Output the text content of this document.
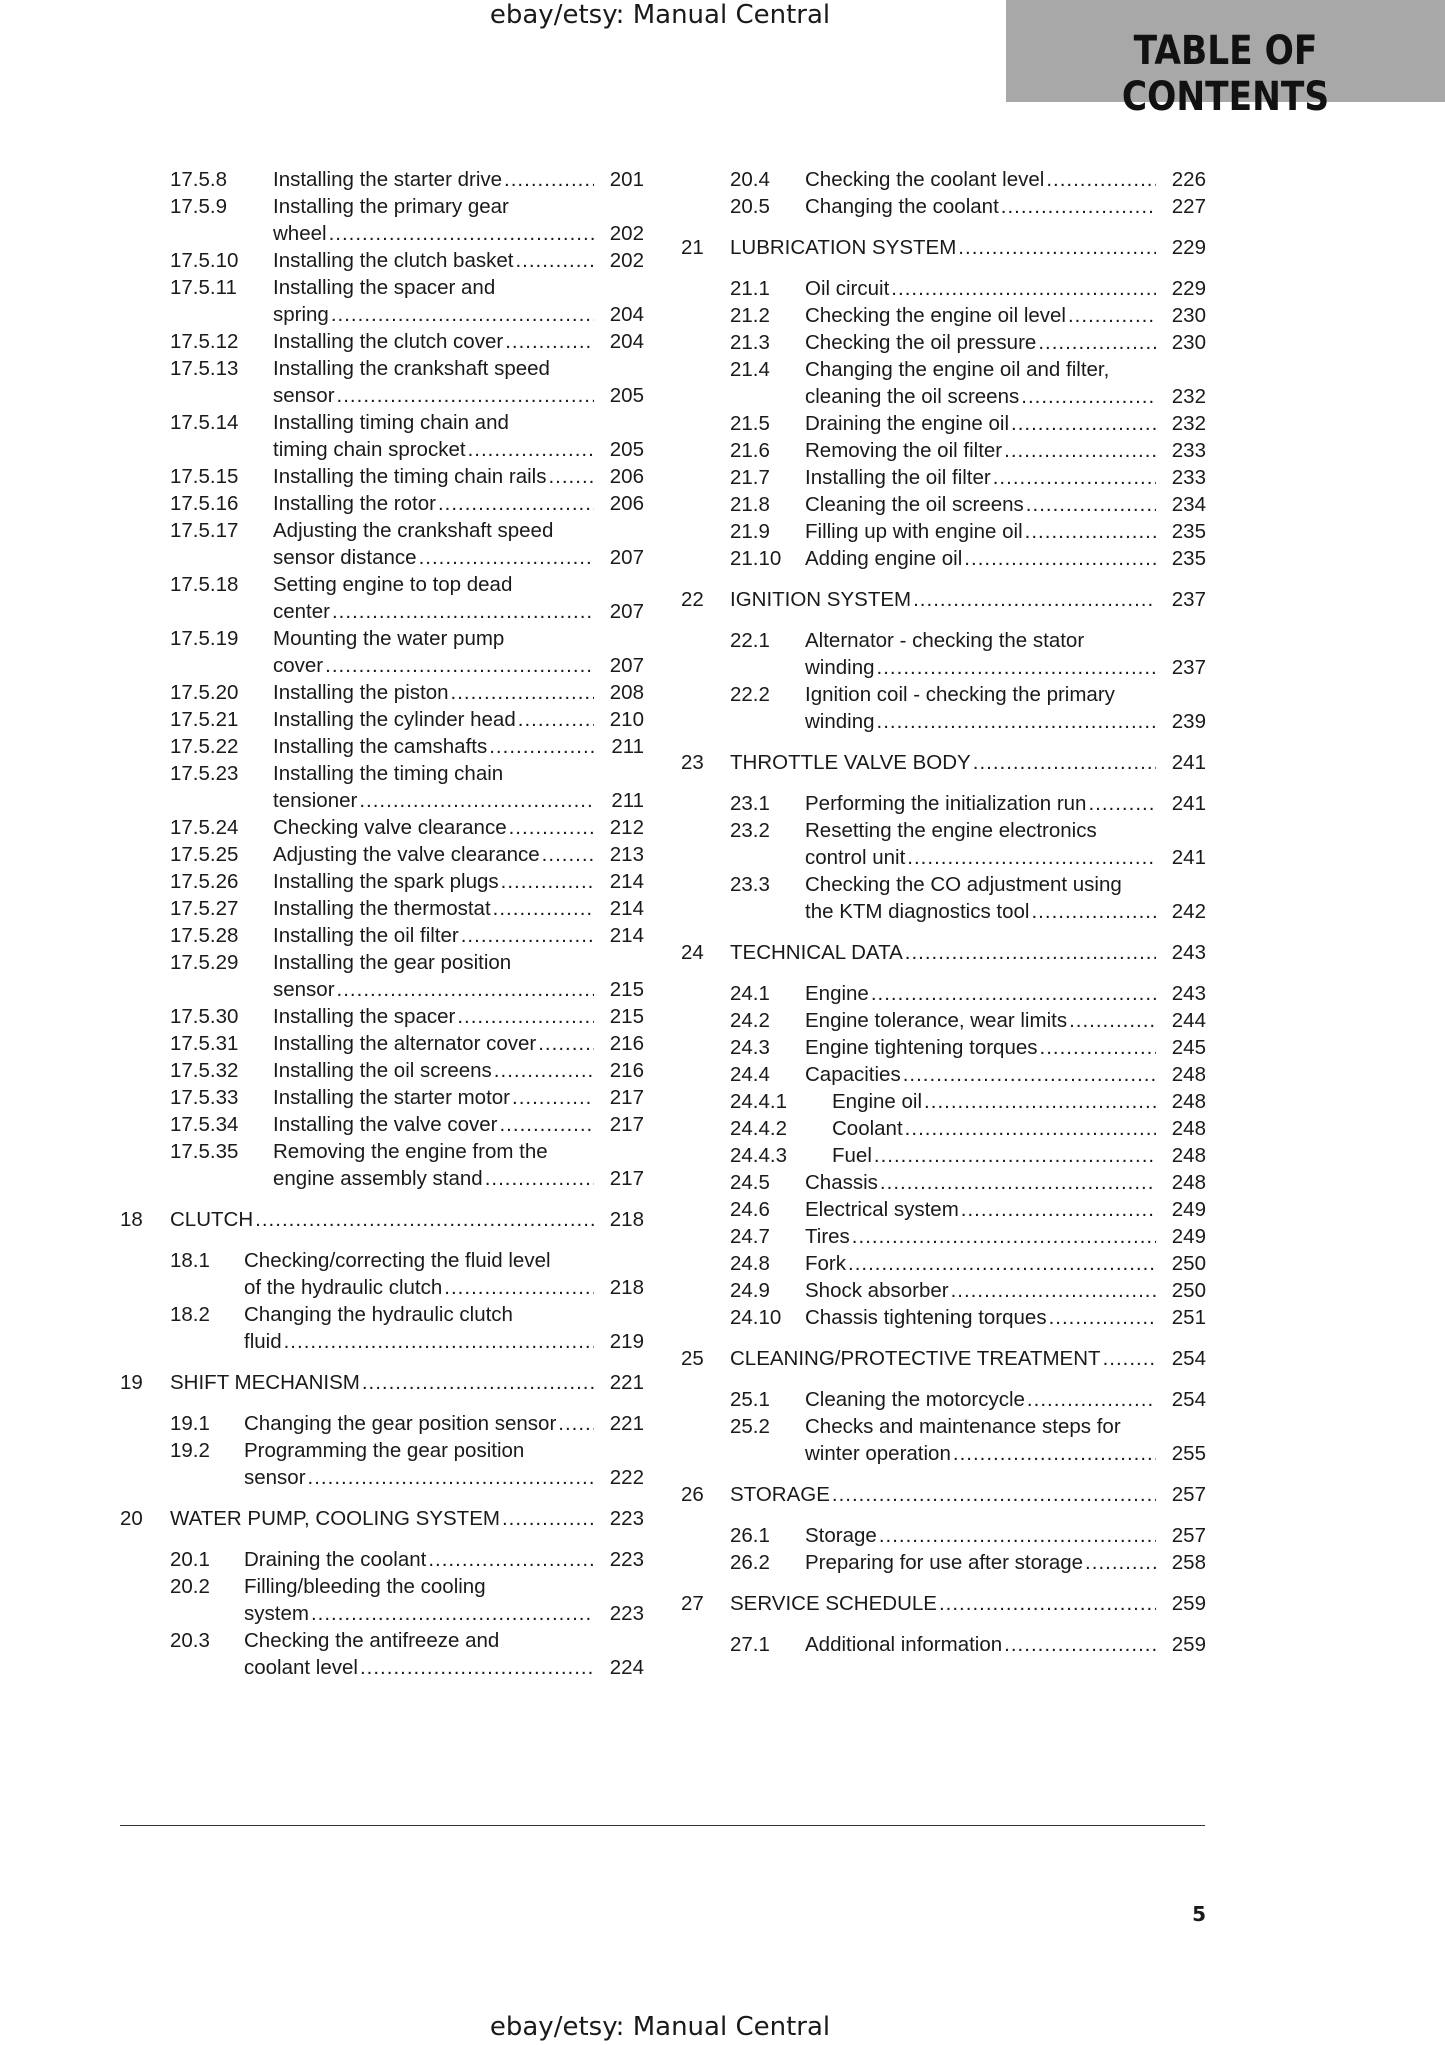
ebay/etsy: Manual Central
TABLE OF CONTENTS
17.5.8 Installing the starter drive .....	201
17.5.9 Installing the primary gear
wheel .....	202
17.5.10 Installing the clutch basket .....	202
17.5.11 Installing the spacer and
spring .....	204
17.5.12 Installing the clutch cover .....	204
17.5.13 Installing the crankshaft speed
sensor .....	205
17.5.14 Installing timing chain and
timing chain sprocket .....	205
17.5.15 Installing the timing chain rails .....	206
17.5.16 Installing the rotor .....	206
17.5.17 Adjusting the crankshaft speed
sensor distance .....	207
17.5.18 Setting engine to top dead
center .....	207
17.5.19 Mounting the water pump
cover .....	207
17.5.20 Installing the piston .....	208
17.5.21 Installing the cylinder head .....	210
17.5.22 Installing the camshafts .....	211
17.5.23 Installing the timing chain
tensioner .....	211
17.5.24 Checking valve clearance .....	212
17.5.25 Adjusting the valve clearance .....	213
17.5.26 Installing the spark plugs .....	214
17.5.27 Installing the thermostat .....	214
17.5.28 Installing the oil filter .....	214
17.5.29 Installing the gear position
sensor .....	215
17.5.30 Installing the spacer .....	215
17.5.31 Installing the alternator cover .....	216
17.5.32 Installing the oil screens .....	216
17.5.33 Installing the starter motor .....	217
17.5.34 Installing the valve cover .....	217
17.5.35 Removing the engine from the
engine assembly stand .....	217
18 CLUTCH .....	218
18.1 Checking/correcting the fluid level
of the hydraulic clutch .....	218
18.2 Changing the hydraulic clutch
fluid .....	219
19 SHIFT MECHANISM .....	221
19.1 Changing the gear position sensor .....	221
19.2 Programming the gear position
sensor .....	222
20 WATER PUMP, COOLING SYSTEM .....	223
20.1 Draining the coolant .....	223
20.2 Filling/bleeding the cooling
system .....	223
20.3 Checking the antifreeze and
coolant level .....	224
20.4 Checking the coolant level .....	226
20.5 Changing the coolant .....	227
21 LUBRICATION SYSTEM .....	229
21.1 Oil circuit .....	229
21.2 Checking the engine oil level .....	230
21.3 Checking the oil pressure .....	230
21.4 Changing the engine oil and filter,
cleaning the oil screens .....	232
21.5 Draining the engine oil .....	232
21.6 Removing the oil filter .....	233
21.7 Installing the oil filter .....	233
21.8 Cleaning the oil screens .....	234
21.9 Filling up with engine oil .....	235
21.10 Adding engine oil .....	235
22 IGNITION SYSTEM .....	237
22.1 Alternator - checking the stator
winding .....	237
22.2 Ignition coil - checking the primary
winding .....	239
23 THROTTLE VALVE BODY .....	241
23.1 Performing the initialization run .....	241
23.2 Resetting the engine electronics
control unit .....	241
23.3 Checking the CO adjustment using
the KTM diagnostics tool .....	242
24 TECHNICAL DATA .....	243
24.1 Engine .....	243
24.2 Engine tolerance, wear limits .....	244
24.3 Engine tightening torques .....	245
24.4 Capacities .....	248
24.4.1 Engine oil .....	248
24.4.2 Coolant .....	248
24.4.3 Fuel .....	248
24.5 Chassis .....	248
24.6 Electrical system .....	249
24.7 Tires .....	249
24.8 Fork .....	250
24.9 Shock absorber .....	250
24.10 Chassis tightening torques .....	251
25 CLEANING/PROTECTIVE TREATMENT .....	254
25.1 Cleaning the motorcycle .....	254
25.2 Checks and maintenance steps for
winter operation .....	255
26 STORAGE .....	257
26.1 Storage .....	257
26.2 Preparing for use after storage .....	258
27 SERVICE SCHEDULE .....	259
27.1 Additional information .....	259
5
ebay/etsy: Manual Central
